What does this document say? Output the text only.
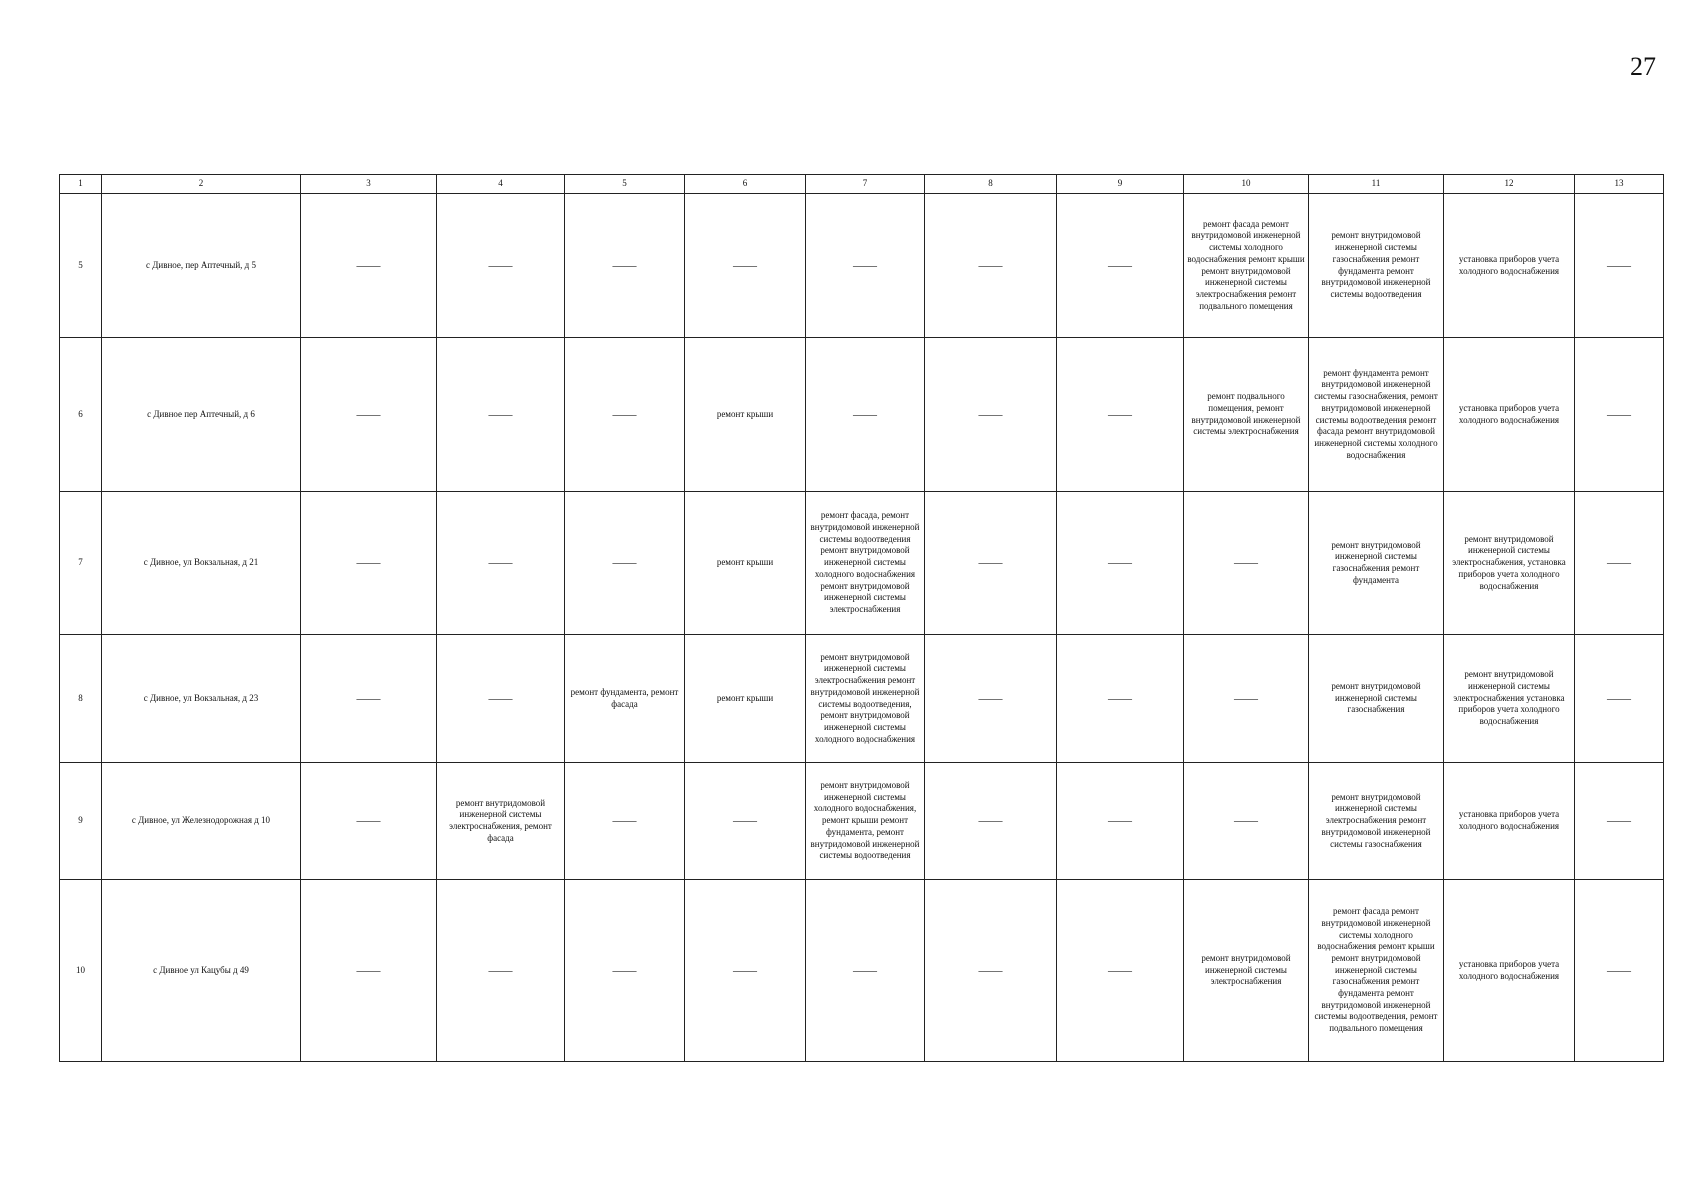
27
1	2	3	4	5	6	7	8	9	10	11	12	13
5	с Дивное, пер Аптечный, д 5	——	——	——	——	——	——	——	ремонт фасада ремонт внутридомовой инженерной системы холодного водоснабжения ремонт крыши ремонт внутридомовой инженерной системы электроснабжения ремонт подвального помещения	ремонт внутридомовой инженерной системы газоснабжения ремонт фундамента ремонт внутридомовой инженерной системы водоотведения	установка приборов учета холодного водоснабжения	——
6	с Дивное пер Аптечный, д 6	——	——	——	ремонт крыши	——	——	——	ремонт подвального помещения, ремонт внутридомовой инженерной системы электроснабжения	ремонт фундамента ремонт внутридомовой инженерной системы газоснабжения, ремонт внутридомовой инженерной системы водоотведения ремонт фасада ремонт внутридомовой инженерной системы холодного водоснабжения	установка приборов учета холодного водоснабжения	——
7	с Дивное, ул Вокзальная, д 21	——	——	——	ремонт крыши	ремонт фасада, ремонт внутридомовой инженерной системы водоотведения ремонт внутридомовой инженерной системы холодного водоснабжения ремонт внутридомовой инженерной системы электроснабжения	——	——	——	ремонт внутридомовой инженерной системы газоснабжения ремонт фундамента	ремонт внутридомовой инженерной системы электроснабжения, установка приборов учета холодного водоснабжения	——
8	с Дивное, ул Вокзальная, д 23	——	——	ремонт фундамента, ремонт фасада	ремонт крыши	ремонт внутридомовой инженерной системы электроснабжения ремонт внутридомовой инженерной системы водоотведения, ремонт внутридомовой инженерной системы холодного водоснабжения	——	——	——	ремонт внутридомовой инженерной системы газоснабжения	ремонт внутридомовой инженерной системы электроснабжения установка приборов учета холодного водоснабжения	——
9	с Дивное, ул Железнодорожная д 10	——	ремонт внутридомовой инженерной системы электроснабжения, ремонт фасада	——	——	ремонт внутридомовой инженерной системы холодного водоснабжения, ремонт крыши ремонт фундамента, ремонт внутридомовой инженерной системы водоотведения	——	——	——	ремонт внутридомовой инженерной системы электроснабжения ремонт внутридомовой инженерной системы газоснабжения	установка приборов учета холодного водоснабжения	——
10	с Дивное ул Кацубы д 49	——	——	——	——	——	——	——	ремонт внутридомовой инженерной системы электроснабжения	ремонт фасада ремонт внутридомовой инженерной системы холодного водоснабжения ремонт крыши ремонт внутридомовой инженерной системы газоснабжения ремонт фундамента ремонт внутридомовой инженерной системы водоотведения, ремонт подвального помещения	установка приборов учета холодного водоснабжения	——
